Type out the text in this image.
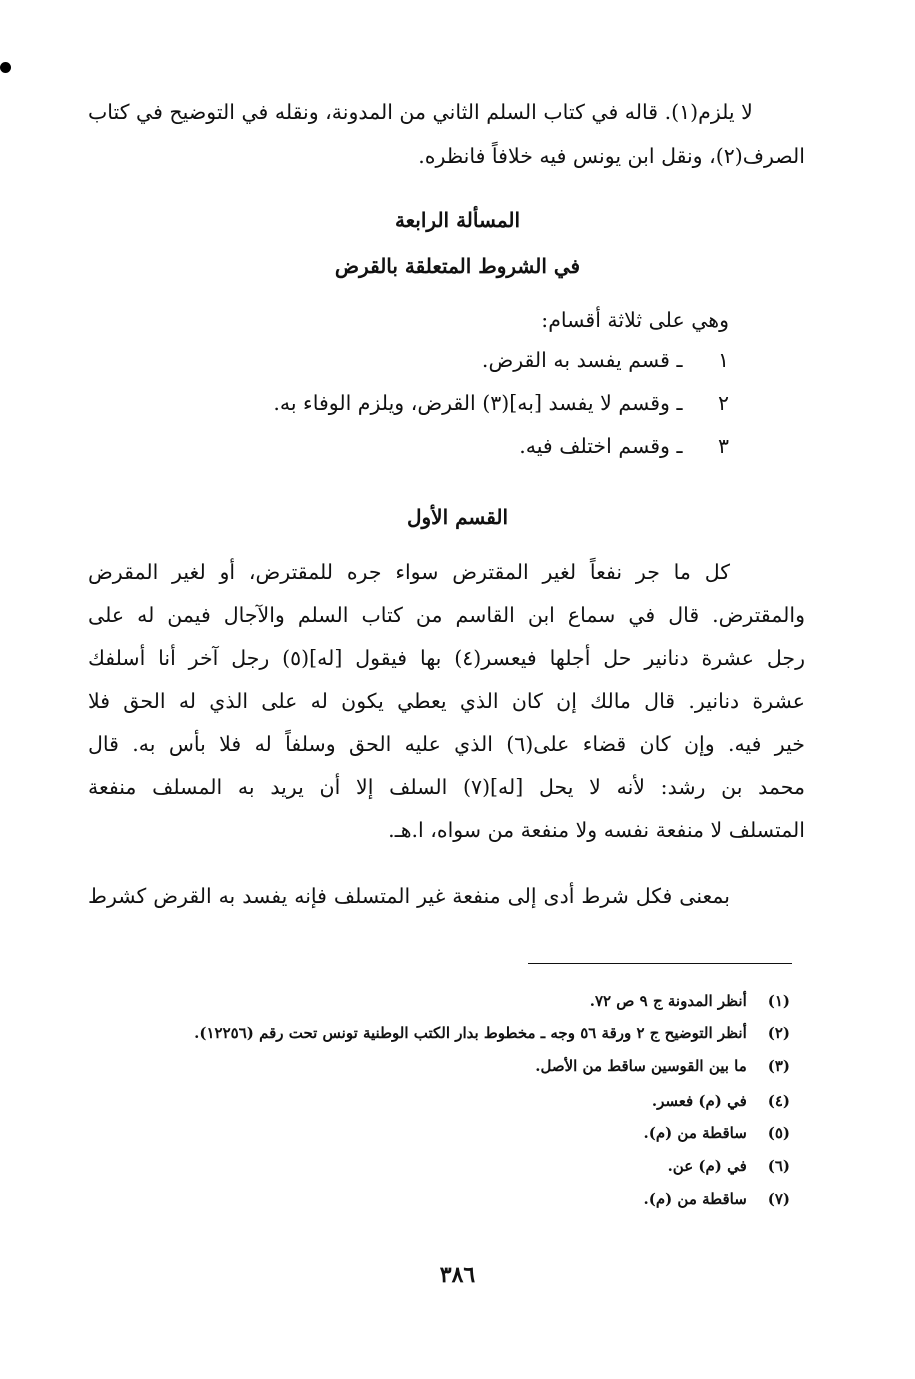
لا يلزم(١). قاله في كتاب السلم الثاني من المدونة، ونقله في التوضيح في كتاب
الصرف(٢)، ونقل ابن يونس فيه خلافاً فانظره.
المسألة الرابعة
في الشروط المتعلقة بالقرض
وهي على ثلاثة أقسام:
١ ـ قسم يفسد به القرض.
٢ ـ وقسم لا يفسد [به](٣) القرض، ويلزم الوفاء به.
٣ ـ وقسم اختلف فيه.
القسم الأول
كل ما جر نفعاً لغير المقترض سواء جره للمقترض، أو لغير المقرض
والمقترض. قال في سماع ابن القاسم من كتاب السلم والآجال فيمن له على
رجل عشرة دنانير حل أجلها فيعسر(٤) بها فيقول [له](٥) رجل آخر أنا أسلفك
عشرة دنانير. قال مالك إن كان الذي يعطي يكون له على الذي له الحق فلا
خير فيه. وإن كان قضاء على(٦) الذي عليه الحق وسلفاً له فلا بأس به. قال
محمد بن رشد: لأنه لا يحل [له](٧) السلف إلا أن يريد به المسلف منفعة
المتسلف لا منفعة نفسه ولا منفعة من سواه، ا.هـ.
بمعنى فكل شرط أدى إلى منفعة غير المتسلف فإنه يفسد به القرض كشرط
(١) أنظر المدونة ج ٩ ص ٧٢.
(٢) أنظر التوضيح ج ٢ ورقة ٥٦ وجه ـ مخطوط بدار الكتب الوطنية تونس تحت رقم (١٢٢٥٦).
(٣) ما بين القوسين ساقط من الأصل.
(٤) في (م) فعسر.
(٥) ساقطة من (م).
(٦) في (م) عن.
(٧) ساقطة من (م).
٣٨٦
